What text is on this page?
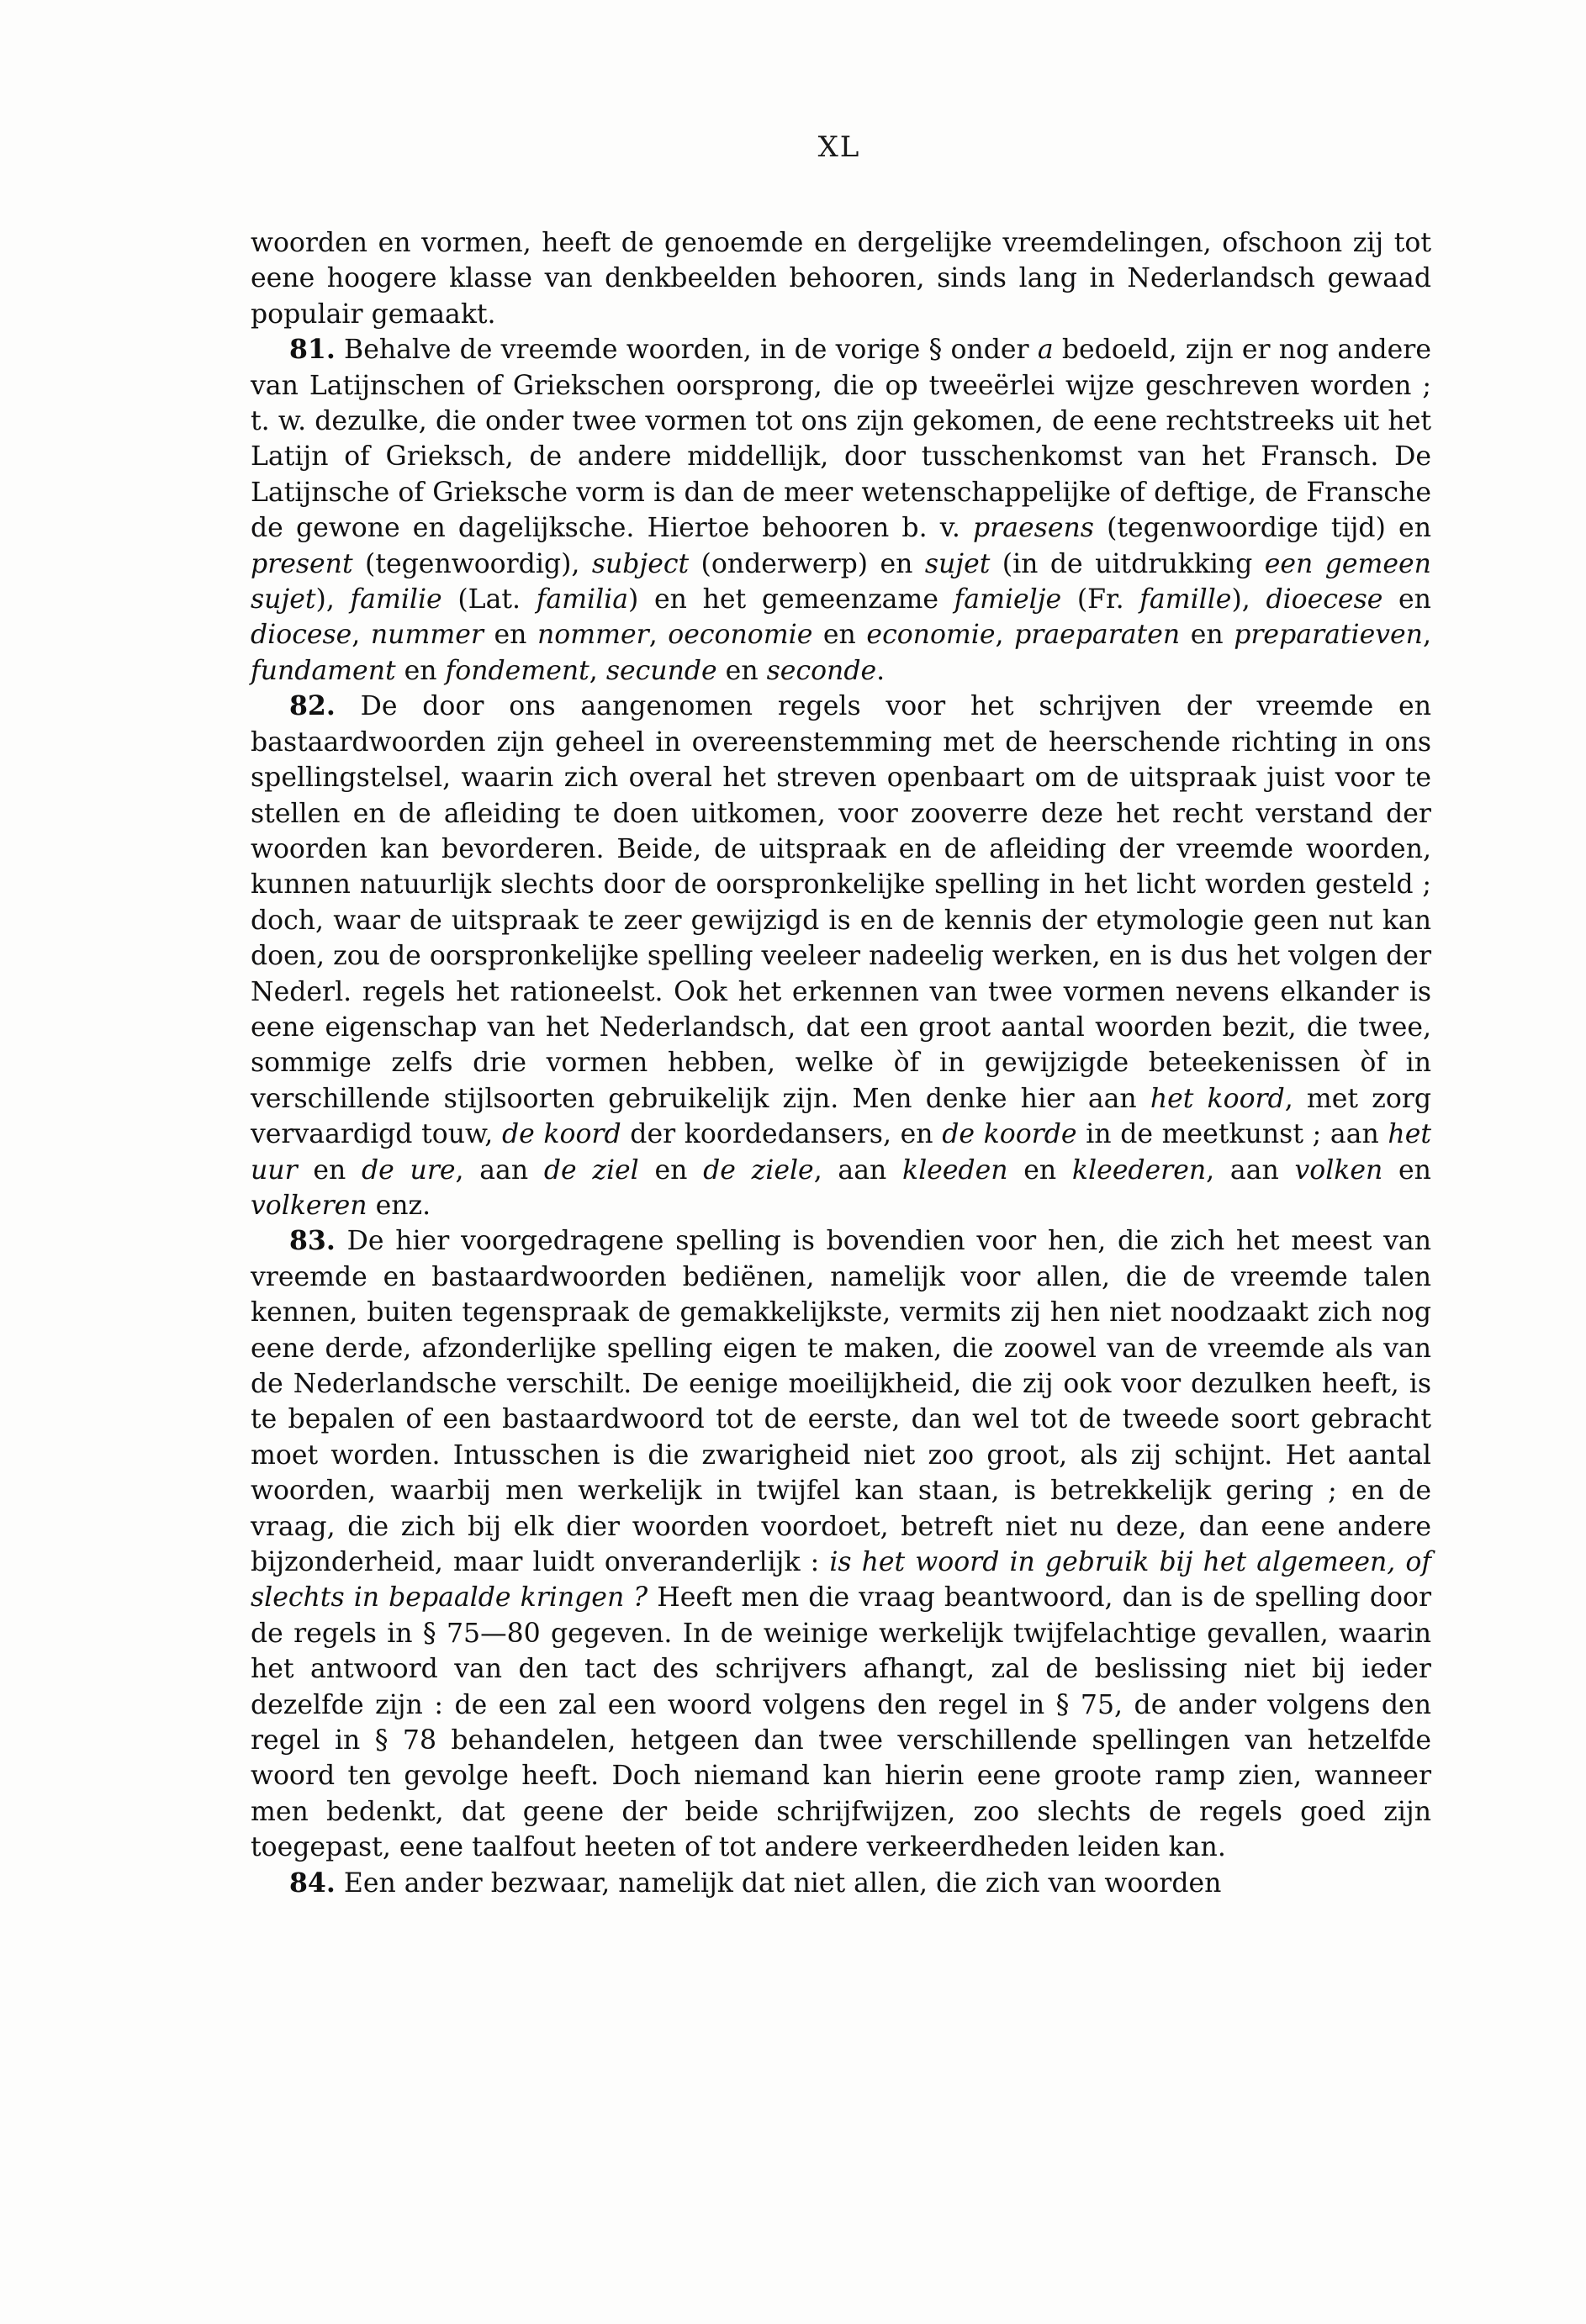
XL

woorden en vormen, heeft de genoemde en dergelijke vreemdelingen, ofschoon zij tot eene hoogere klasse van denkbeelden behooren, sinds lang in Nederlandsch gewaad populair gemaakt.

81. Behalve de vreemde woorden, in de vorige § onder a bedoeld, zijn er nog andere van Latijnschen of Griekschen oorsprong, die op tweeërlei wijze geschreven worden ; t. w. dezulke, die onder twee vormen tot ons zijn gekomen, de eene rechtstreeks uit het Latijn of Grieksch, de andere middellijk, door tusschenkomst van het Fransch. De Latijnsche of Grieksche vorm is dan de meer wetenschappelijke of deftige, de Fransche de gewone en dagelijksche. Hiertoe behooren b. v. praesens (tegenwoordige tijd) en present (tegenwoordig), subject (onderwerp) en sujet (in de uitdrukking een gemeen sujet), familie (Lat. familia) en het gemeenzame famielje (Fr. famille), dioecese en diocese, nummer en nommer, oeconomie en economie, praeparaten en preparatieven, fundament en fondement, secunde en seconde.

82. De door ons aangenomen regels voor het schrijven der vreemde en bastaardwoorden zijn geheel in overeenstemming met de heerschende richting in ons spellingstelsel, waarin zich overal het streven openbaart om de uitspraak juist voor te stellen en de afleiding te doen uitkomen, voor zooverre deze het recht verstand der woorden kan bevorderen. Beide, de uitspraak en de afleiding der vreemde woorden, kunnen natuurlijk slechts door de oorspronkelijke spelling in het licht worden gesteld ; doch, waar de uitspraak te zeer gewijzigd is en de kennis der etymologie geen nut kan doen, zou de oorspronkelijke spelling veeleer nadeelig werken, en is dus het volgen der Nederl. regels het rationeelst. Ook het erkennen van twee vormen nevens elkander is eene eigenschap van het Nederlandsch, dat een groot aantal woorden bezit, die twee, sommige zelfs drie vormen hebben, welke òf in gewijzigde beteekenissen òf in verschillende stijlsoorten gebruikelijk zijn. Men denke hier aan het koord, met zorg vervaardigd touw, de koord der koordedansers, en de koorde in de meetkunst ; aan het uur en de ure, aan de ziel en de ziele, aan kleeden en kleederen, aan volken en volkeren enz.

83. De hier voorgedragene spelling is bovendien voor hen, die zich het meest van vreemde en bastaardwoorden bediënen, namelijk voor allen, die de vreemde talen kennen, buiten tegenspraak de gemakkelijkste, vermits zij hen niet noodzaakt zich nog eene derde, afzonderlijke spelling eigen te maken, die zoowel van de vreemde als van de Nederlandsche verschilt. De eenige moeilijkheid, die zij ook voor dezulken heeft, is te bepalen of een bastaardwoord tot de eerste, dan wel tot de tweede soort gebracht moet worden. Intusschen is die zwarigheid niet zoo groot, als zij schijnt. Het aantal woorden, waarbij men werkelijk in twijfel kan staan, is betrekkelijk gering ; en de vraag, die zich bij elk dier woorden voordoet, betreft niet nu deze, dan eene andere bijzonderheid, maar luidt onveranderlijk : is het woord in gebruik bij het algemeen, of slechts in bepaalde kringen ? Heeft men die vraag beantwoord, dan is de spelling door de regels in § 75—80 gegeven. In de weinige werkelijk twijfelachtige gevallen, waarin het antwoord van den tact des schrijvers afhangt, zal de beslissing niet bij ieder dezelfde zijn : de een zal een woord volgens den regel in § 75, de ander volgens den regel in § 78 behandelen, hetgeen dan twee verschillende spellingen van hetzelfde woord ten gevolge heeft. Doch niemand kan hierin eene groote ramp zien, wanneer men bedenkt, dat geene der beide schrijfwijzen, zoo slechts de regels goed zijn toegepast, eene taalfout heeten of tot andere verkeerdheden leiden kan.

84. Een ander bezwaar, namelijk dat niet allen, die zich van woorden
